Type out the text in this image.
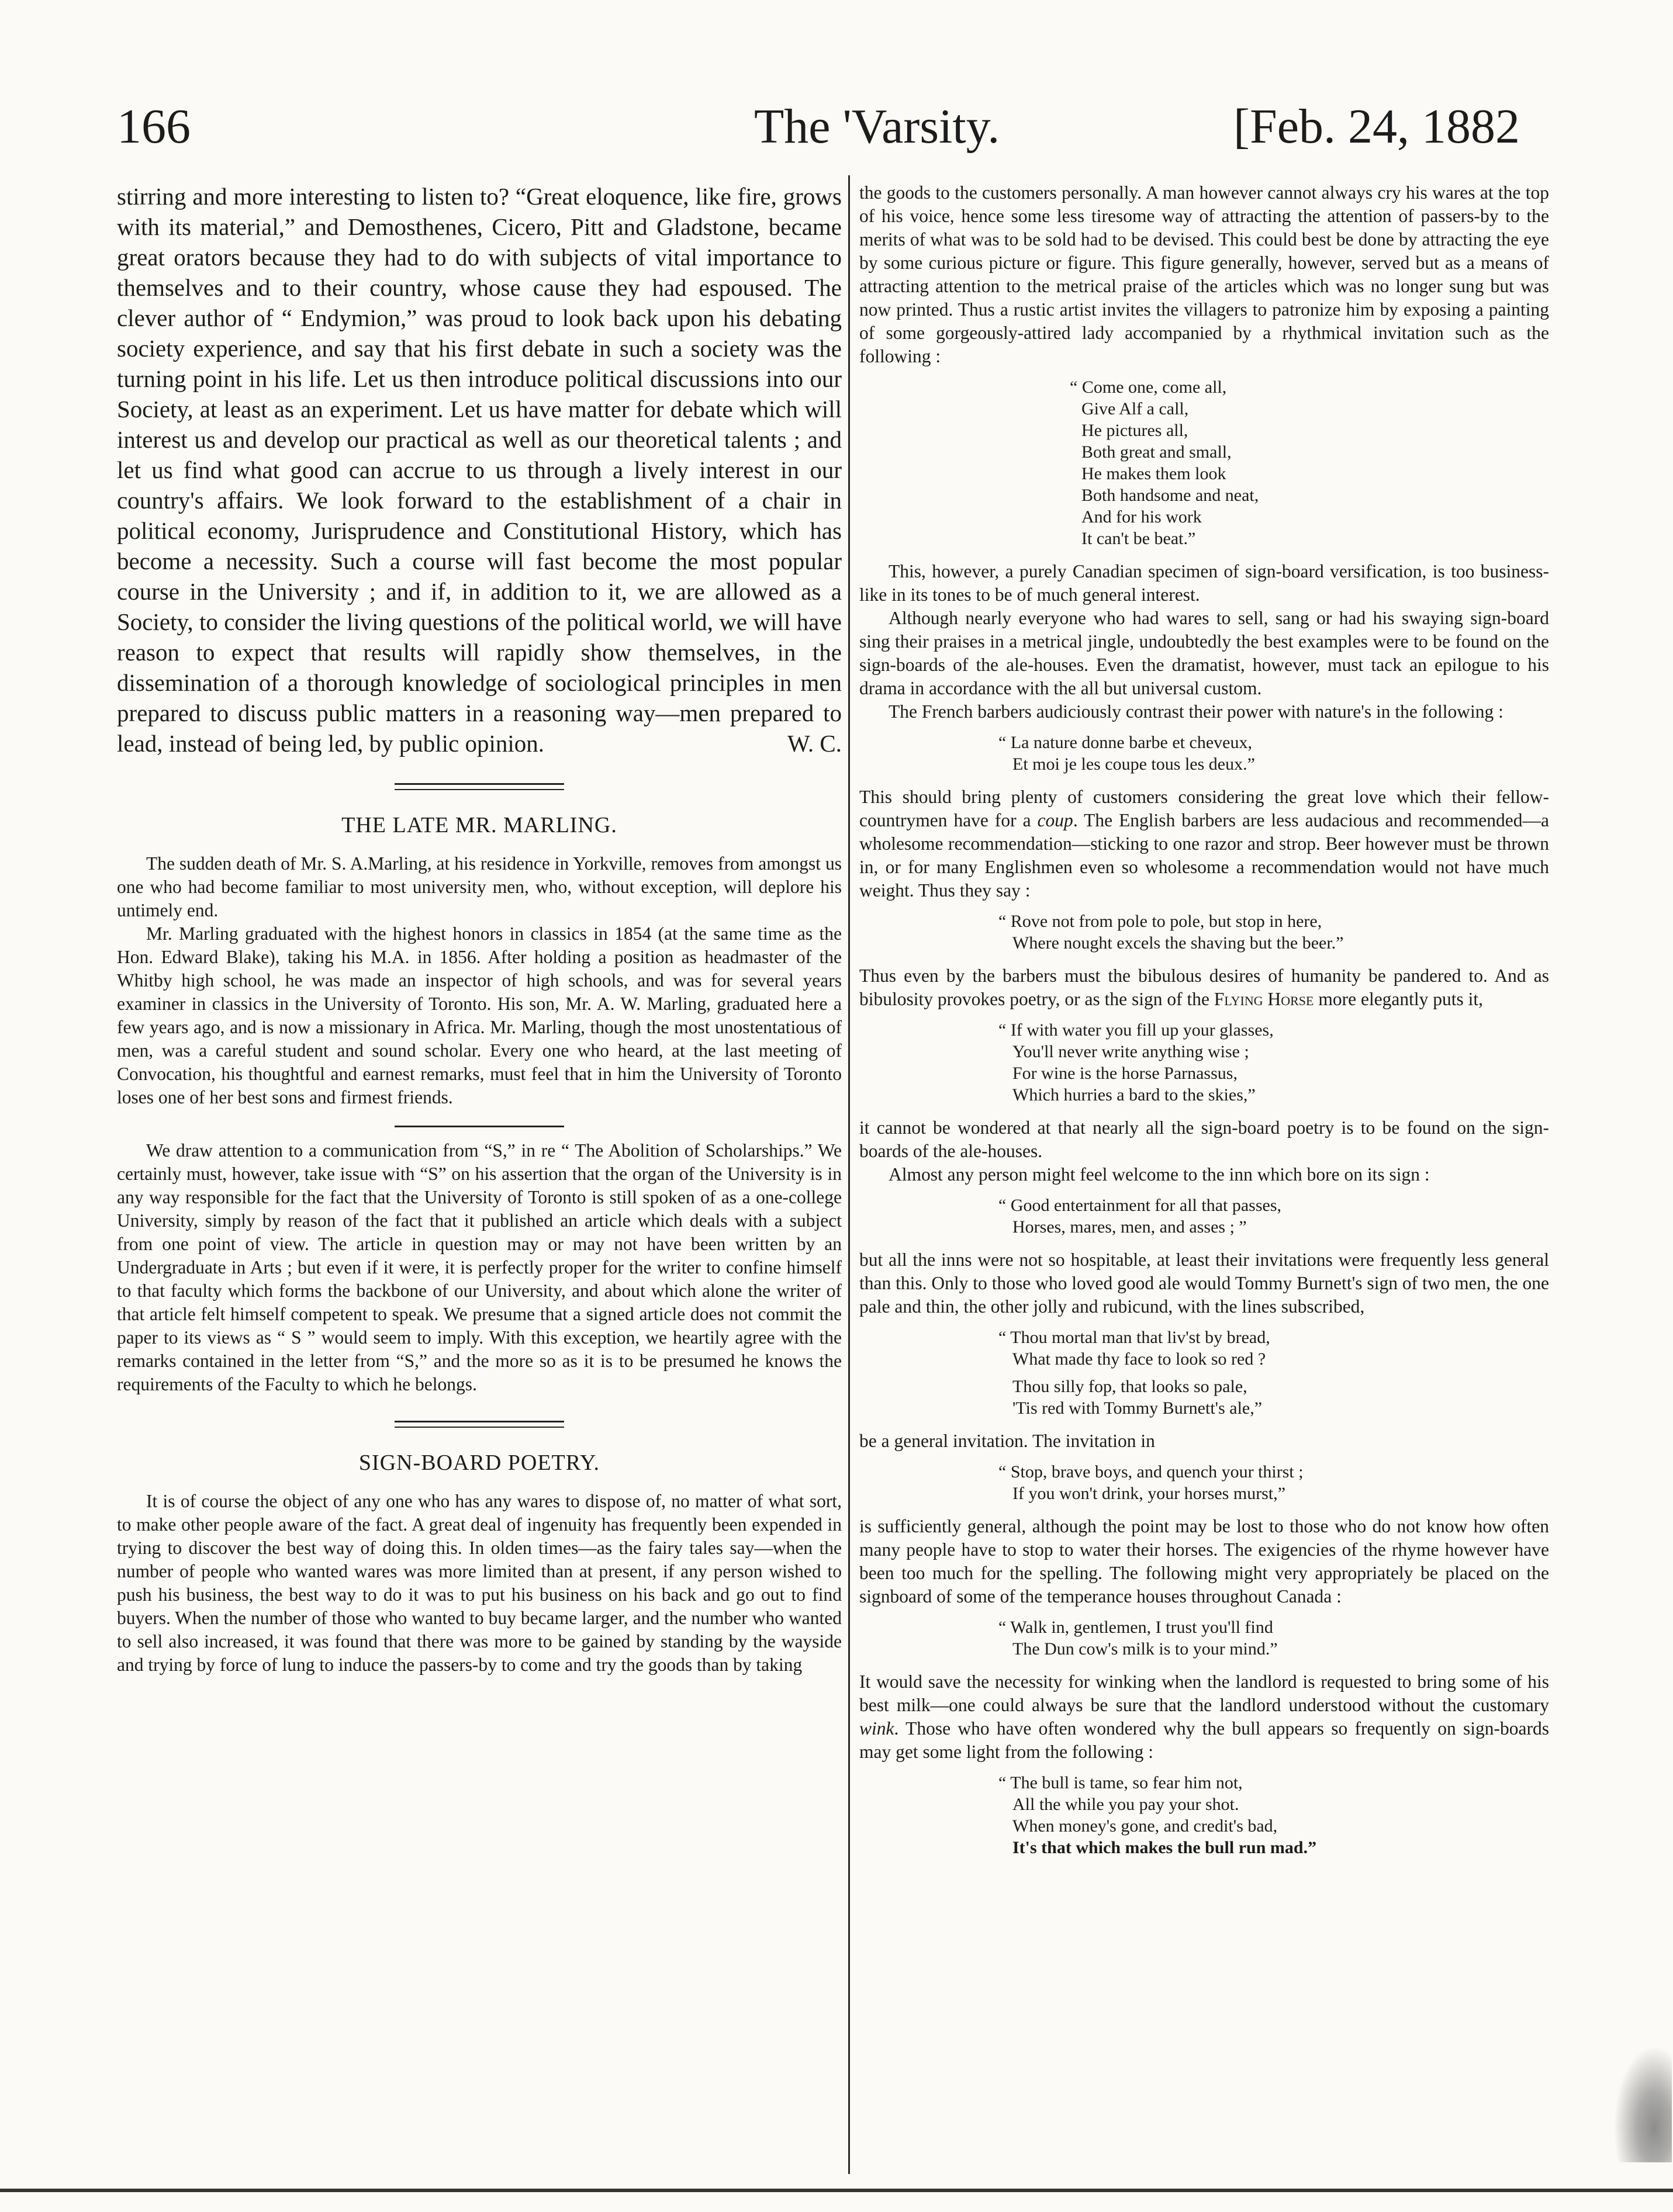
166	The 'Varsity.	[Feb. 24, 1882

stirring and more interesting to listen to? “Great eloquence, like fire, grows with its material,” and Demosthenes, Cicero, Pitt and Gladstone, became great orators because they had to do with subjects of vital importance to themselves and to their country, whose cause they had espoused. The clever author of “ Endymion,” was proud to look back upon his debating society experience, and say that his first debate in such a society was the turning point in his life. Let us then introduce political discussions into our Society, at least as an experiment. Let us have matter for debate which will interest us and develop our practical as well as our theoretical talents ; and let us find what good can accrue to us through a lively interest in our country's affairs. We look forward to the establishment of a chair in political economy, Jurisprudence and Constitutional History, which has become a necessity. Such a course will fast become the most popular course in the University ; and if, in addition to it, we are allowed as a Society, to consider the living questions of the political world, we will have reason to expect that results will rapidly show themselves, in the dissemination of a thorough knowledge of sociological principles in men prepared to discuss public matters in a reasoning way—men prepared to lead, instead of being led, by public opinion.	W. C.

THE LATE MR. MARLING.

The sudden death of Mr. S. A.Marling, at his residence in Yorkville, removes from amongst us one who had become familiar to most university men, who, without exception, will deplore his untimely end.

Mr. Marling graduated with the highest honors in classics in 1854 (at the same time as the Hon. Edward Blake), taking his M.A. in 1856. After holding a position as headmaster of the Whitby high school, he was made an inspector of high schools, and was for several years examiner in classics in the University of Toronto. His son, Mr. A. W. Marling, graduated here a few years ago, and is now a missionary in Africa. Mr. Marling, though the most unostentatious of men, was a careful student and sound scholar. Every one who heard, at the last meeting of Convocation, his thoughtful and earnest remarks, must feel that in him the University of Toronto loses one of her best sons and firmest friends.

We draw attention to a communication from “S,” in re “ The Abolition of Scholarships.” We certainly must, however, take issue with “S” on his assertion that the organ of the University is in any way responsible for the fact that the University of Toronto is still spoken of as a one-college University, simply by reason of the fact that it published an article which deals with a subject from one point of view. The article in question may or may not have been written by an Undergraduate in Arts ; but even if it were, it is perfectly proper for the writer to confine himself to that faculty which forms the backbone of our University, and about which alone the writer of that article felt himself competent to speak. We presume that a signed article does not commit the paper to its views as “ S ” would seem to imply. With this exception, we heartily agree with the remarks contained in the letter from “S,” and the more so as it is to be presumed he knows the requirements of the Faculty to which he belongs.

SIGN-BOARD POETRY.

It is of course the object of any one who has any wares to dispose of, no matter of what sort, to make other people aware of the fact. A great deal of ingenuity has frequently been expended in trying to discover the best way of doing this. In olden times—as the fairy tales say—when the number of people who wanted wares was more limited than at present, if any person wished to push his business, the best way to do it was to put his business on his back and go out to find buyers. When the number of those who wanted to buy became larger, and the number who wanted to sell also increased, it was found that there was more to be gained by standing by the wayside and trying by force of lung to induce the passers-by to come and try the goods than by taking

the goods to the customers personally. A man however cannot always cry his wares at the top of his voice, hence some less tiresome way of attracting the attention of passers-by to the merits of what was to be sold had to be devised. This could best be done by attracting the eye by some curious picture or figure. This figure generally, however, served but as a means of attracting attention to the metrical praise of the articles which was no longer sung but was now printed. Thus a rustic artist invites the villagers to patronize him by exposing a painting of some gorgeously-attired lady accompanied by a rhythmical invitation such as the following :

“ Come one, come all,
Give Alf a call,
He pictures all,
Both great and small,
He makes them look
Both handsome and neat,
And for his work
It can't be beat.”

This, however, a purely Canadian specimen of sign-board versification, is too business-like in its tones to be of much general interest.

Although nearly everyone who had wares to sell, sang or had his swaying sign-board sing their praises in a metrical jingle, undoubtedly the best examples were to be found on the sign-boards of the ale-houses. Even the dramatist, however, must tack an epilogue to his drama in accordance with the all but universal custom.

The French barbers audiciously contrast their power with nature's in the following :

“ La nature donne barbe et cheveux,
Et moi je les coupe tous les deux.”

This should bring plenty of customers considering the great love which their fellow-countrymen have for a coup. The English barbers are less audacious and recommended—a wholesome recommendation—sticking to one razor and strop. Beer however must be thrown in, or for many Englishmen even so wholesome a recommendation would not have much weight. Thus they say :

“ Rove not from pole to pole, but stop in here,
Where nought excels the shaving but the beer.”

Thus even by the barbers must the bibulous desires of humanity be pandered to. And as bibulosity provokes poetry, or as the sign of the Flying Horse more elegantly puts it,

“ If with water you fill up your glasses,
You'll never write anything wise ;
For wine is the horse Parnassus,
Which hurries a bard to the skies,”

it cannot be wondered at that nearly all the sign-board poetry is to be found on the sign-boards of the ale-houses.

Almost any person might feel welcome to the inn which bore on its sign :

“ Good entertainment for all that passes,
Horses, mares, men, and asses ; ”

but all the inns were not so hospitable, at least their invitations were frequently less general than this. Only to those who loved good ale would Tommy Burnett's sign of two men, the one pale and thin, the other jolly and rubicund, with the lines subscribed,

“ Thou mortal man that liv'st by bread,
What made thy face to look so red ?
Thou silly fop, that looks so pale,
'Tis red with Tommy Burnett's ale,”

be a general invitation. The invitation in

“ Stop, brave boys, and quench your thirst ;
If you won't drink, your horses murst,”

is sufficiently general, although the point may be lost to those who do not know how often many people have to stop to water their horses. The exigencies of the rhyme however have been too much for the spelling. The following might very appropriately be placed on the signboard of some of the temperance houses throughout Canada :

“ Walk in, gentlemen, I trust you'll find
The Dun cow's milk is to your mind.”

It would save the necessity for winking when the landlord is requested to bring some of his best milk—one could always be sure that the landlord understood without the customary wink. Those who have often wondered why the bull appears so frequently on sign-boards may get some light from the following :

“ The bull is tame, so fear him not,
All the while you pay your shot.
When money's gone, and credit's bad,
It's that which makes the bull run mad.”
